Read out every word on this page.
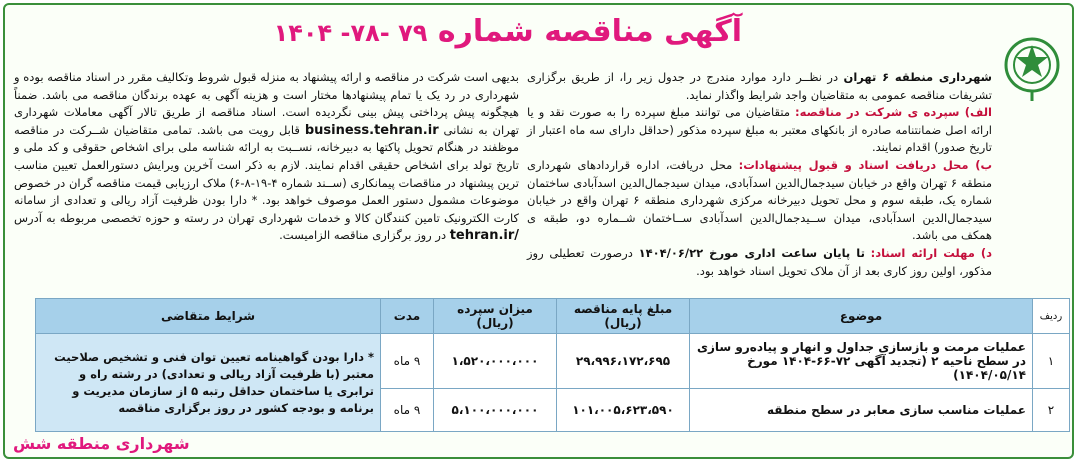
آگهی مناقصه شماره ۷۹ -۷۸- ۱۴۰۴
شهرداری منطقه ۶ تهران در نظــر دارد موارد مندرج در جدول زیر را، از طریق برگزاری تشریفات مناقصه عمومی به متقاضیان واجد شرایط واگذار نماید.
الف) سپرده ی شرکت در مناقصه: متقاضیان می توانند مبلغ سپرده را به صورت نقد و یا ارائه اصل ضمانتنامه صادره از بانکهای معتبر به مبلغ سپرده مذکور (حداقل دارای سه ماه اعتبار از تاریخ صدور) اقدام نمایند.
ب) محل دریافت اسناد و قبول پیشنهادات: محل دریافت، اداره قراردادهای شهرداری منطقه ۶ تهران واقع در خیابان سیدجمال‌الدین اسدآبادی، میدان سیدجمال‌الدین اسدآبادی ساختمان شماره یک، طبقه سوم و محل تحویل دبیرخانه مرکزی شهرداری منطقه ۶ تهران واقع در خیابان سیدجمال‌الدین اسدآبادی، میدان ســیدجمال‌الدین اسدآبادی ســاختمان شــماره دو، طبقه ی همکف می باشد.
د) مهلت ارائه اسناد: تا پایان ساعت اداری مورخ ۱۴۰۴/۰۶/۲۲ درصورت تعطیلی روز مذکور، اولین روز کاری بعد از آن ملاک تحویل اسناد خواهد بود.
بدیهی است شرکت در مناقصه و ارائه پیشنهاد به منزله قبول شروط وتکالیف مقرر در اسناد مناقصه بوده و شهرداری در رد یک یا تمام پیشنهادها مختار است و هزینه آگهی به عهده برندگان مناقصه می باشد. ضمناً هیچگونه پیش پرداختی پیش بینی نگردیده است. اسناد مناقصه از طریق تالار آگهی معاملات شهرداری تهران به نشانی business.tehran.ir قابل رویت می باشد. تمامی متقاضیان شــرکت در مناقصه موظفند در هنگام تحویل پاکتها به دبیرخانه، نســبت به ارائه شناسه ملی برای اشخاص حقوقی و کد ملی و تاریخ تولد برای اشخاص حقیقی اقدام نمایند. لازم به ذکر است آخرین ویرایش دستورالعمل تعیین مناسب ترین پیشنهاد در مناقصات پیمانکاری (ســند شماره ۴-۱۹-۸-۶) ملاک ارزیابی قیمت مناقصه گران در خصوص موضوعات مشمول دستور العمل موصوف خواهد بود. * دارا بودن ظرفیت آزاد ریالی و تعدادی از سامانه کارت الکترونیک تامین کنندگان کالا و خدمات شهرداری تهران در رسته و حوزه تخصصی مربوطه به آدرس tehran.ir/ در روز برگزاری مناقصه الزامیست.
ردیف	موضوع	مبلغ پایه مناقصه (ریال)	میزان سپرده (ریال)	مدت	شرایط متقاضی
۱	عملیات مرمت و بازسازی جداول و انهار و پیاده‌رو سازی در سطح ناحیه ۲ (تجدید آگهی ۷۲-۶۶-۱۴۰۴ مورخ ۱۴۰۴/۰۵/۱۴)	۲۹،۹۹۶،۱۷۲،۶۹۵	۱،۵۲۰،۰۰۰،۰۰۰	۹ ماه	* دارا بودن گواهینامه تعیین توان فنی و تشخیص صلاحیت معتبر (با ظرفیت آزاد ریالی و تعدادی) در رشته راه و ترابری یا ساختمان حداقل رتبه ۵ از سازمان مدیریت و برنامه و بودجه کشور در روز برگزاری مناقصه
۲	عملیات مناسب سازی معابر در سطح منطقه	۱۰۱،۰۰۵،۶۲۳،۵۹۰	۵،۱۰۰،۰۰۰،۰۰۰	۹ ماه	
شهرداری منطقه شش
